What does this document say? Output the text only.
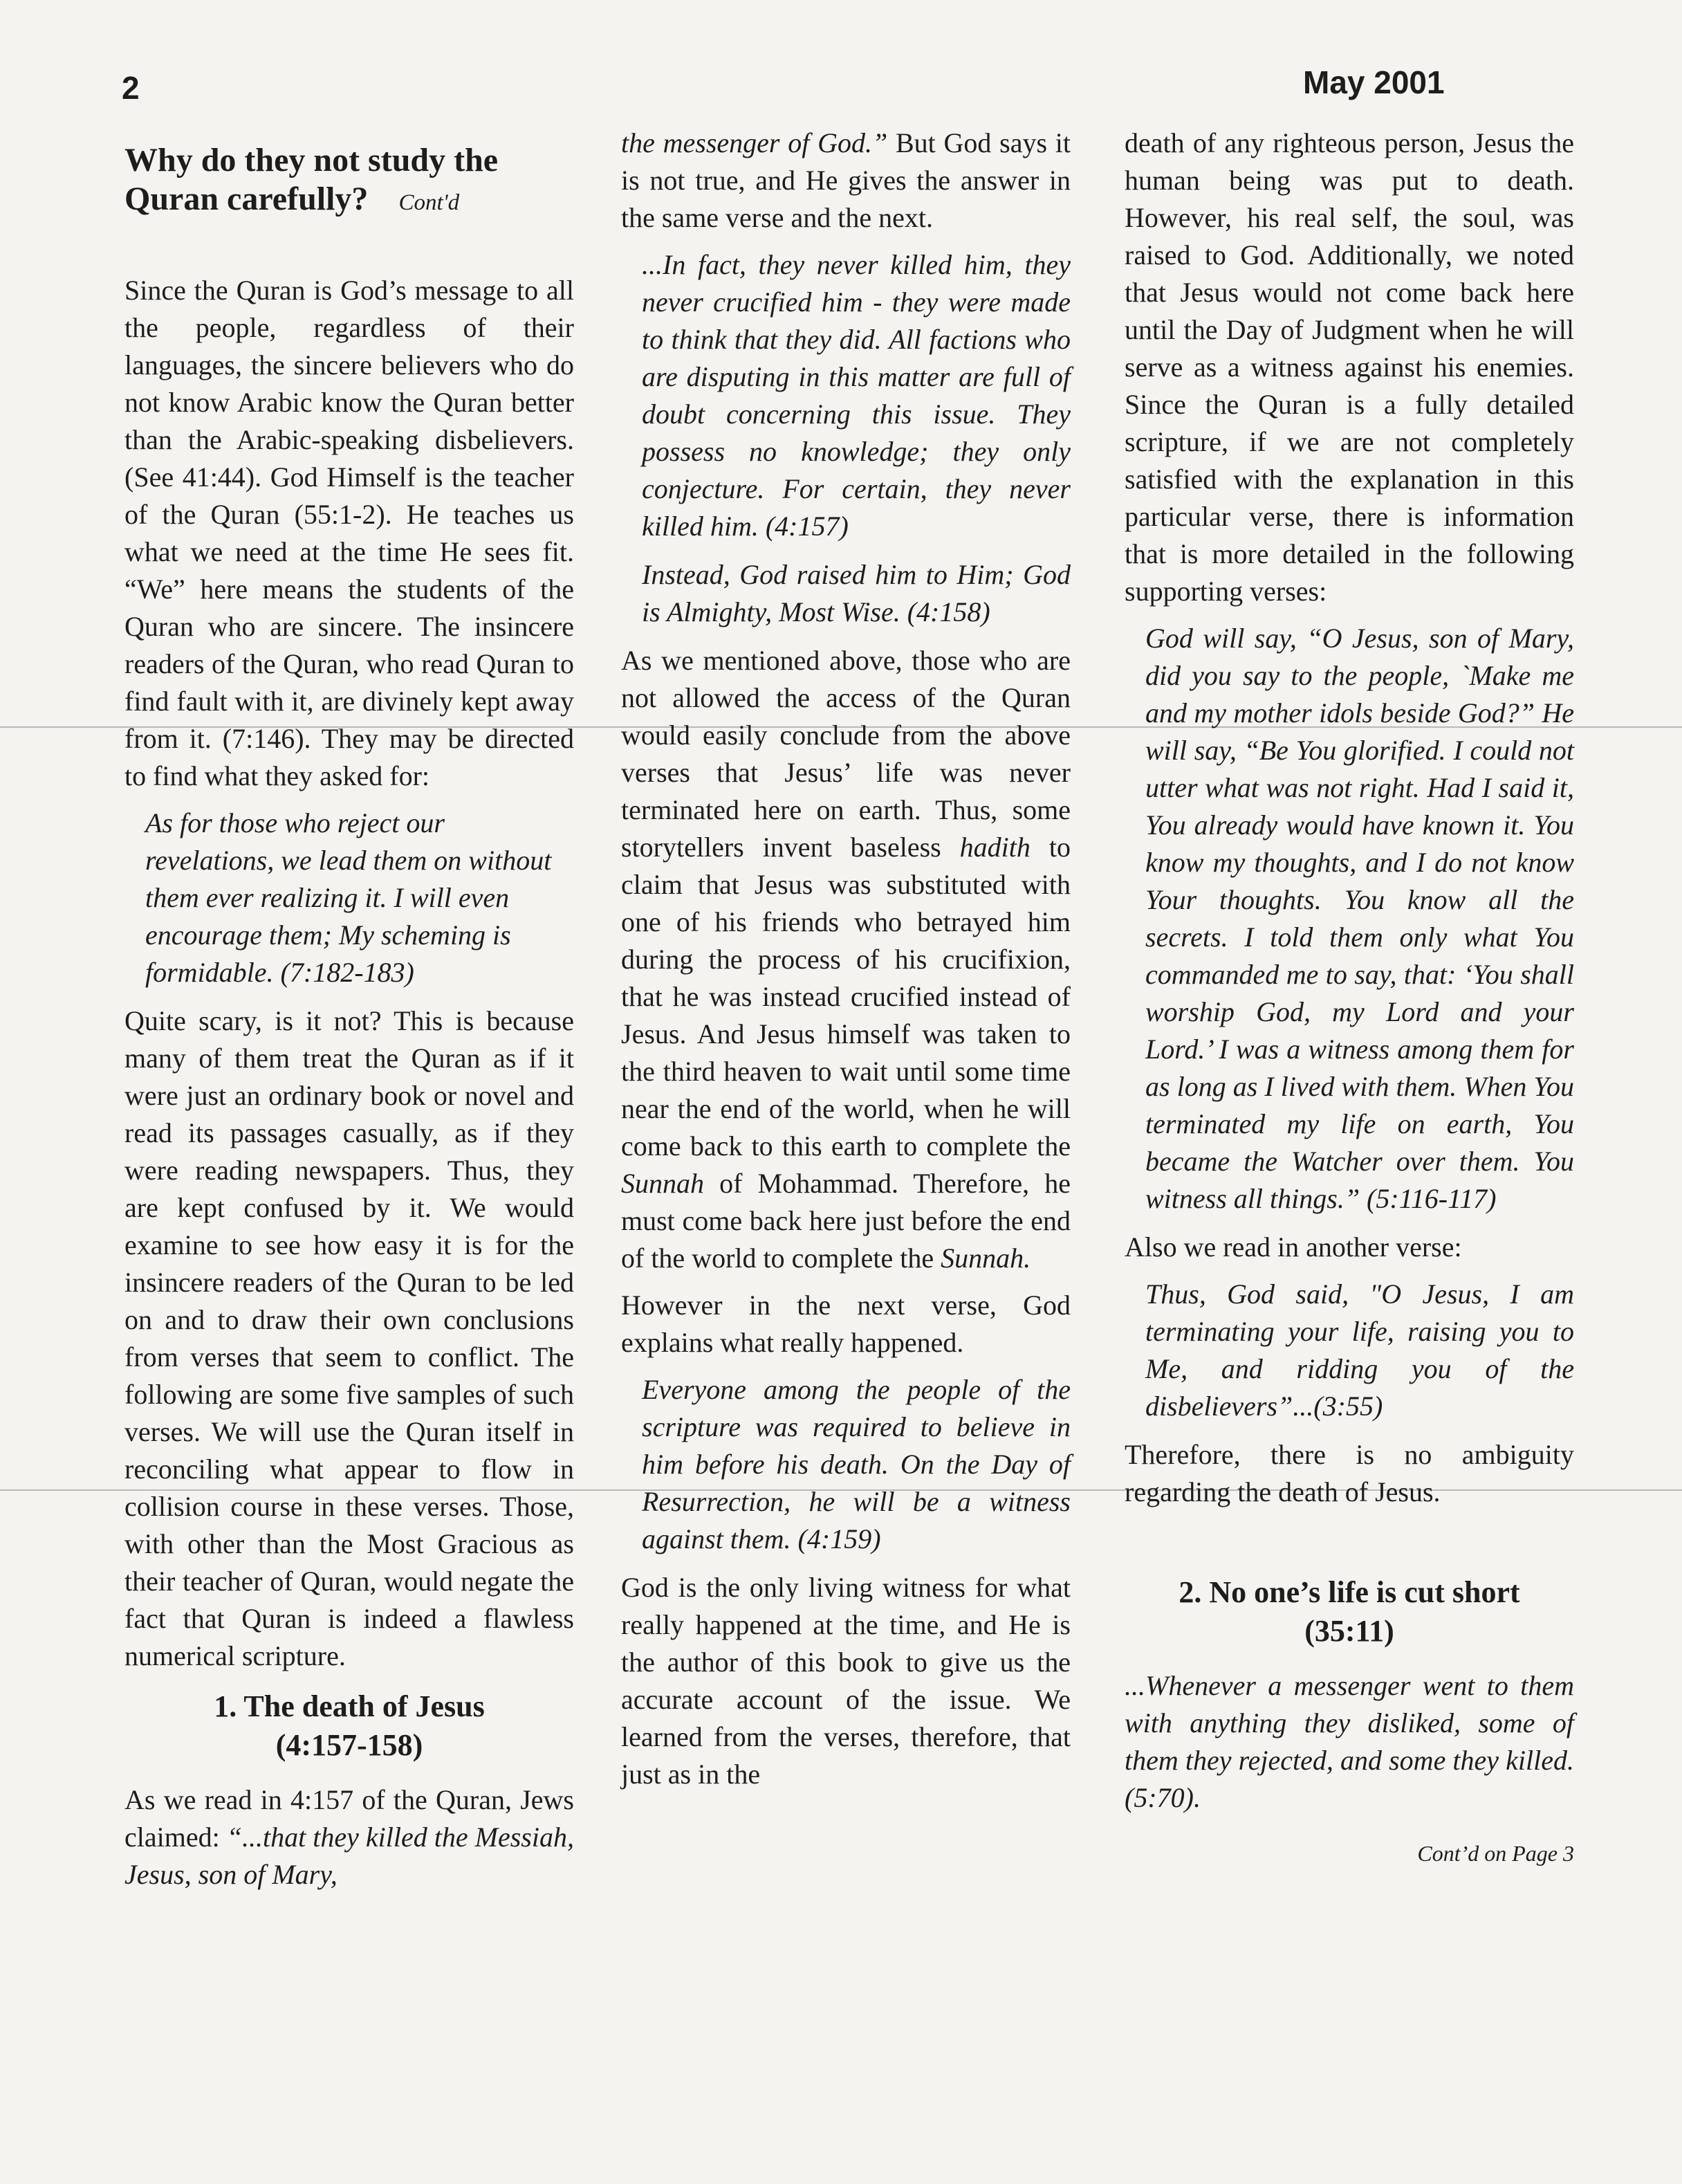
2	May 2001
Why do they not study the Quran carefully? Cont'd

Since the Quran is God’s message to all the people, regardless of their languages, the sincere believers who do not know Arabic know the Quran better than the Arabic-speaking disbelievers. (See 41:44). God Himself is the teacher of the Quran (55:1-2). He teaches us what we need at the time He sees fit. “We” here means the students of the Quran who are sincere. The insincere readers of the Quran, who read Quran to find fault with it, are divinely kept away from it. (7:146). They may be directed to find what they asked for:

As for those who reject our revelations, we lead them on without them ever realizing it. I will even encourage them; My scheming is formidable. (7:182-183)

Quite scary, is it not? This is because many of them treat the Quran as if it were just an ordinary book or novel and read its passages casually, as if they were reading newspapers. Thus, they are kept confused by it. We would examine to see how easy it is for the insincere readers of the Quran to be led on and to draw their own conclusions from verses that seem to conflict. The following are some five samples of such verses. We will use the Quran itself in reconciling what appear to flow in collision course in these verses. Those, with other than the Most Gracious as their teacher of Quran, would negate the fact that Quran is indeed a flawless numerical scripture.

1. The death of Jesus
(4:157-158)

As we read in 4:157 of the Quran, Jews claimed: “...that they killed the Messiah, Jesus, son of Mary,

the messenger of God.” But God says it is not true, and He gives the answer in the same verse and the next.

...In fact, they never killed him, they never crucified him - they were made to think that they did. All factions who are disputing in this matter are full of doubt concerning this issue. They possess no knowledge; they only conjecture. For certain, they never killed him. (4:157)

Instead, God raised him to Him; God is Almighty, Most Wise. (4:158)

As we mentioned above, those who are not allowed the access of the Quran would easily conclude from the above verses that Jesus’ life was never terminated here on earth. Thus, some storytellers invent baseless hadith to claim that Jesus was substituted with one of his friends who betrayed him during the process of his crucifixion, that he was instead crucified instead of Jesus. And Jesus himself was taken to the third heaven to wait until some time near the end of the world, when he will come back to this earth to complete the Sunnah of Mohammad. Therefore, he must come back here just before the end of the world to complete the Sunnah.

However in the next verse, God explains what really happened.

Everyone among the people of the scripture was required to believe in him before his death. On the Day of Resurrection, he will be a witness against them. (4:159)

God is the only living witness for what really happened at the time, and He is the author of this book to give us the accurate account of the issue. We learned from the verses, therefore, that just as in the

death of any righteous person, Jesus the human being was put to death. However, his real self, the soul, was raised to God. Additionally, we noted that Jesus would not come back here until the Day of Judgment when he will serve as a witness against his enemies. Since the Quran is a fully detailed scripture, if we are not completely satisfied with the explanation in this particular verse, there is information that is more detailed in the following supporting verses:

God will say, “O Jesus, son of Mary, did you say to the people, `Make me and my mother idols beside God?” He will say, “Be You glorified. I could not utter what was not right. Had I said it, You already would have known it. You know my thoughts, and I do not know Your thoughts. You know all the secrets. I told them only what You commanded me to say, that: ‘You shall worship God, my Lord and your Lord.’ I was a witness among them for as long as I lived with them. When You terminated my life on earth, You became the Watcher over them. You witness all things.” (5:116-117)

Also we read in another verse:

Thus, God said, "O Jesus, I am terminating your life, raising you to Me, and ridding you of the disbelievers”...(3:55)

Therefore, there is no ambiguity regarding the death of Jesus.

2. No one’s life is cut short
(35:11)

...Whenever a messenger went to them with anything they disliked, some of them they rejected, and some they killed. (5:70).

Cont’d on Page 3
